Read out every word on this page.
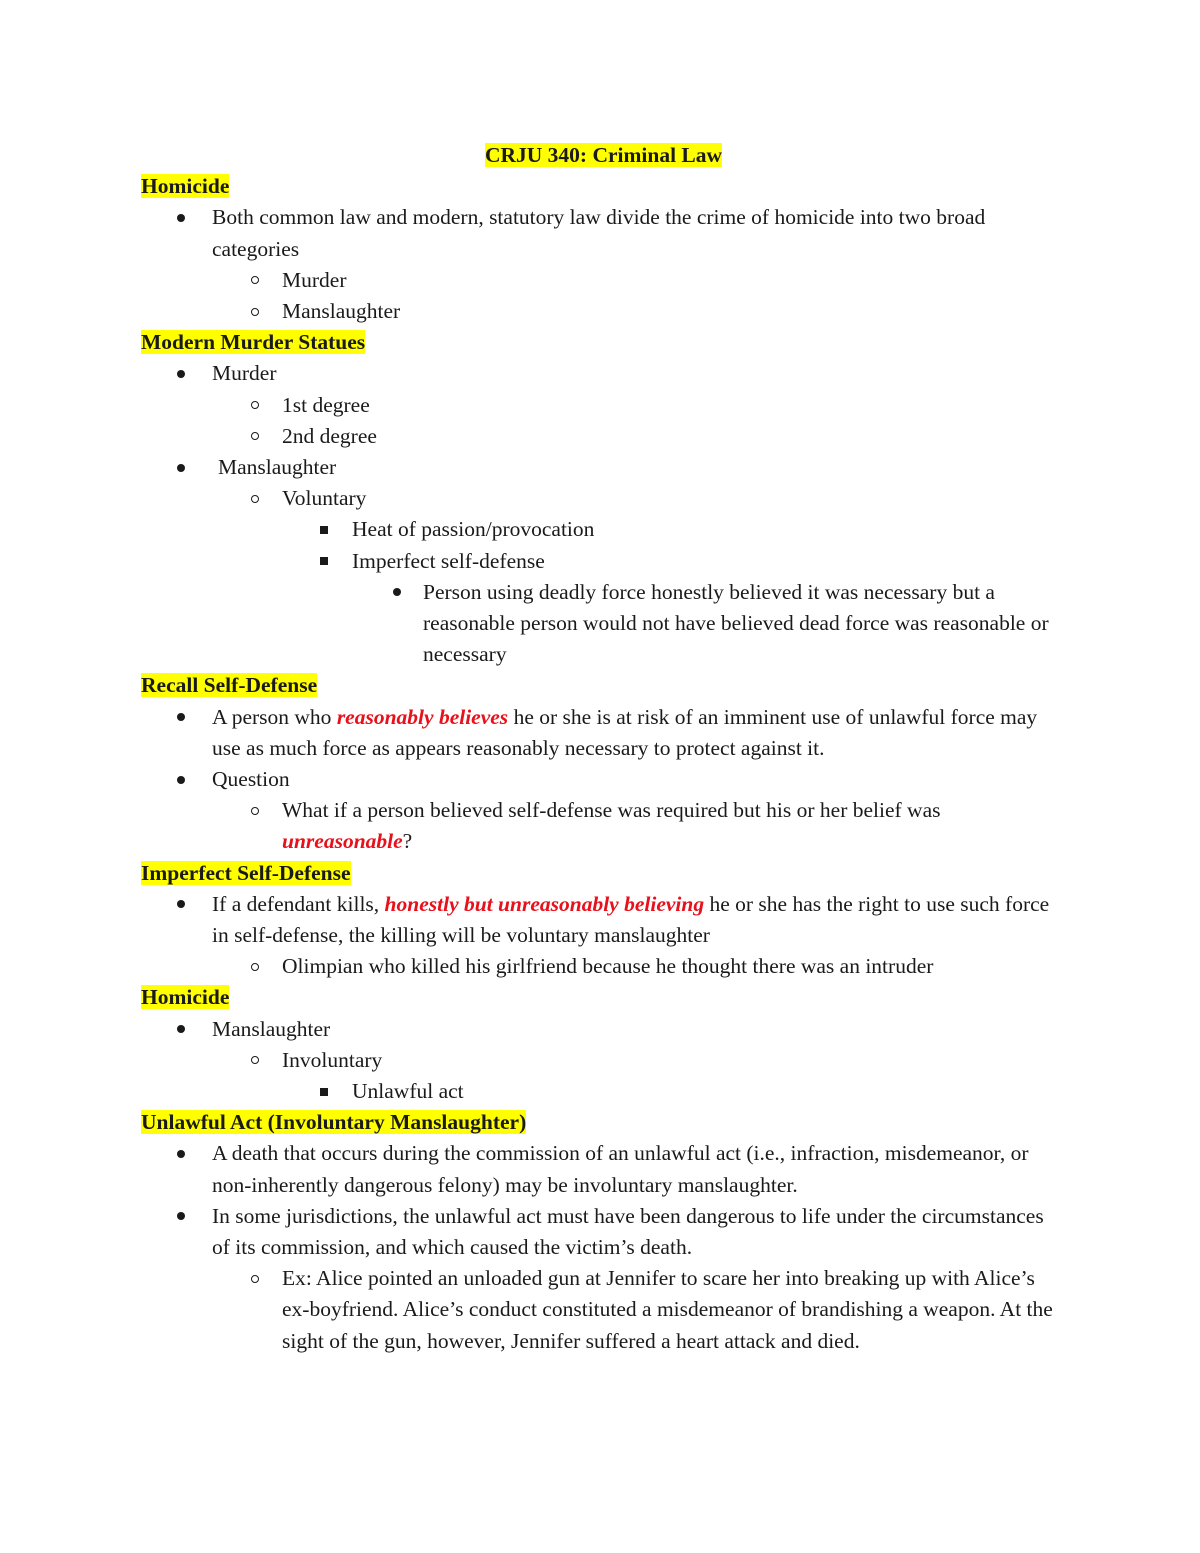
CRJU 340: Criminal Law

Homicide

Both common law and modern, statutory law divide the crime of homicide into two broad categories
Murder
Manslaughter

Modern Murder Statues

Murder
1st degree
2nd degree
Manslaughter
Voluntary
Heat of passion/provocation
Imperfect self-defense
Person using deadly force honestly believed it was necessary but a reasonable person would not have believed dead force was reasonable or necessary

Recall Self-Defense

A person who reasonably believes he or she is at risk of an imminent use of unlawful force may use as much force as appears reasonably necessary to protect against it.
Question
What if a person believed self-defense was required but his or her belief was unreasonable?

Imperfect Self-Defense

If a defendant kills, honestly but unreasonably believing he or she has the right to use such force in self-defense, the killing will be voluntary manslaughter
Olimpian who killed his girlfriend because he thought there was an intruder

Homicide

Manslaughter
Involuntary
Unlawful act

Unlawful Act (Involuntary Manslaughter)

A death that occurs during the commission of an unlawful act (i.e., infraction, misdemeanor, or non-inherently dangerous felony) may be involuntary manslaughter.
In some jurisdictions, the unlawful act must have been dangerous to life under the circumstances of its commission, and which caused the victim’s death.
Ex: Alice pointed an unloaded gun at Jennifer to scare her into breaking up with Alice’s ex-boyfriend. Alice’s conduct constituted a misdemeanor of brandishing a weapon. At the sight of the gun, however, Jennifer suffered a heart attack and died.
